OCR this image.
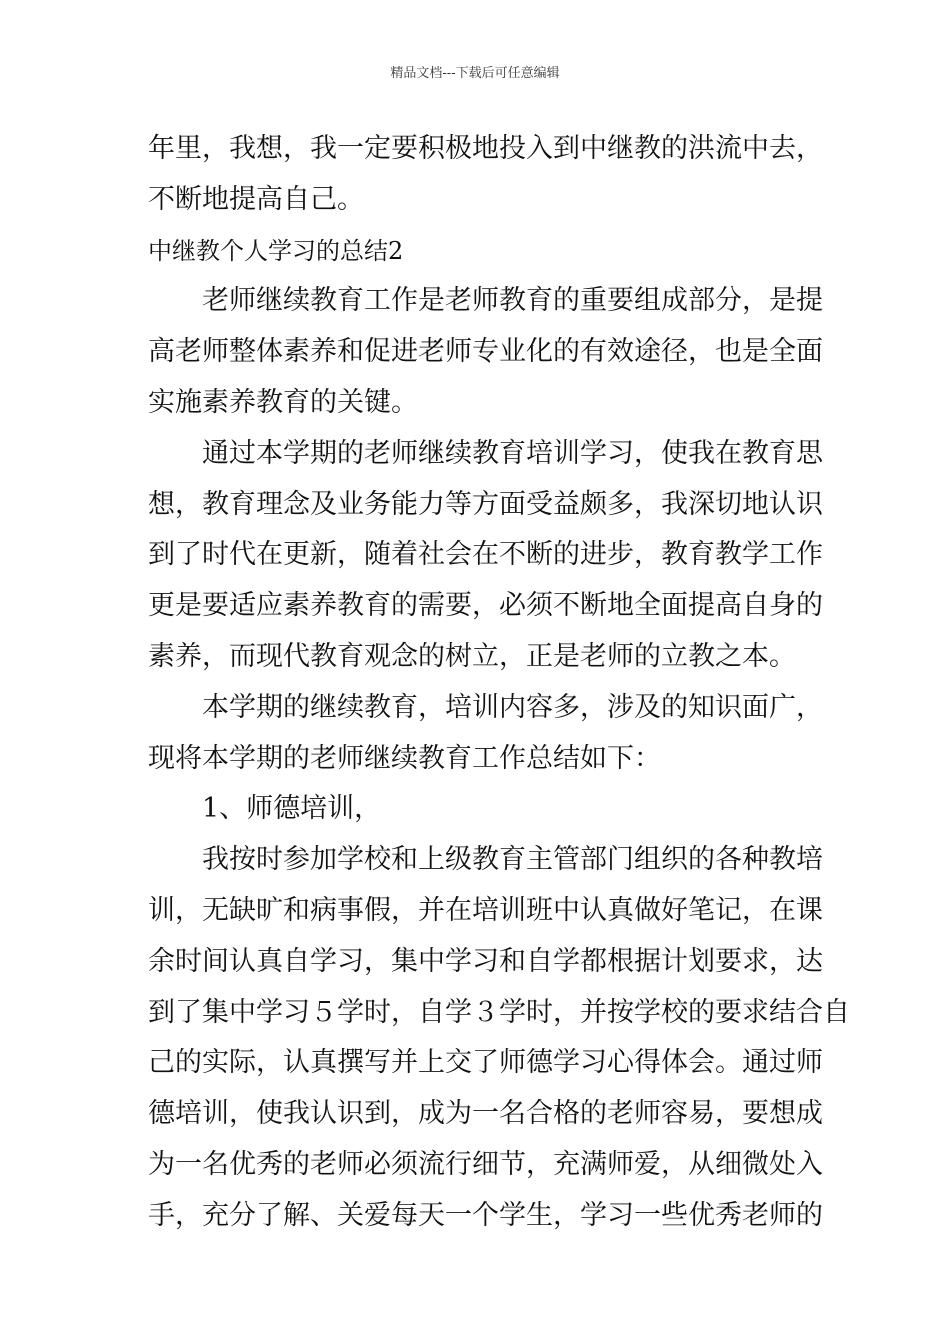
精品文档---下载后可任意编辑
年里，我想，我一定要积极地投入到中继教的洪流中去，
不断地提高自己。
中继教个人学习的总结2
老师继续教育工作是老师教育的重要组成部分，是提
高老师整体素养和促进老师专业化的有效途径，也是全面
实施素养教育的关键。
通过本学期的老师继续教育培训学习，使我在教育思
想，教育理念及业务能力等方面受益颇多，我深切地认识
到了时代在更新，随着社会在不断的进步，教育教学工作
更是要适应素养教育的需要，必须不断地全面提高自身的
素养，而现代教育观念的树立，正是老师的立教之本。
本学期的继续教育，培训内容多，涉及的知识面广，
现将本学期的老师继续教育工作总结如下：
1、师德培训，
我按时参加学校和上级教育主管部门组织的各种教培
训，无缺旷和病事假，并在培训班中认真做好笔记，在课
余时间认真自学习，集中学习和自学都根据计划要求，达
到了集中学习５学时，自学３学时，并按学校的要求结合自
己的实际，认真撰写并上交了师德学习心得体会。通过师
德培训，使我认识到，成为一名合格的老师容易，要想成
为一名优秀的老师必须流行细节，充满师爱，从细微处入
手，充分了解、关爱每天一个学生，学习一些优秀老师的
